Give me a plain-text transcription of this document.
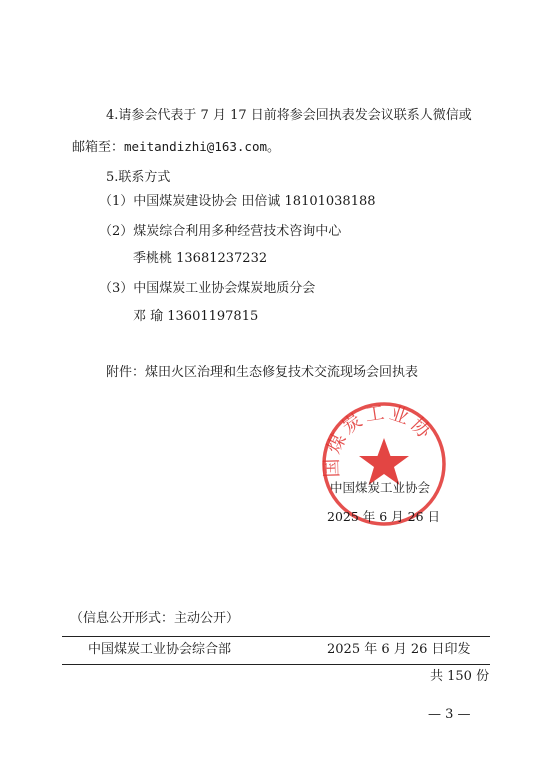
4.请参会代表于 7 月 17 日前将参会回执表发会议联系人微信或
邮箱至：meitandizhi@163.com。
5.联系方式
（1）中国煤炭建设协会 田倍诚 18101038188
（2）煤炭综合利用多种经营技术咨询中心
季桃桃 13681237232
（3）中国煤炭工业协会煤炭地质分会
邓 瑜 13601197815
附件：煤田火区治理和生态修复技术交流现场会回执表
国煤炭工业协
中国煤炭工业协会
2025 年 6 月 26 日
（信息公开形式：主动公开）
中国煤炭工业协会综合部	2025 年 6 月 26 日印发
共 150 份
— 3 —
